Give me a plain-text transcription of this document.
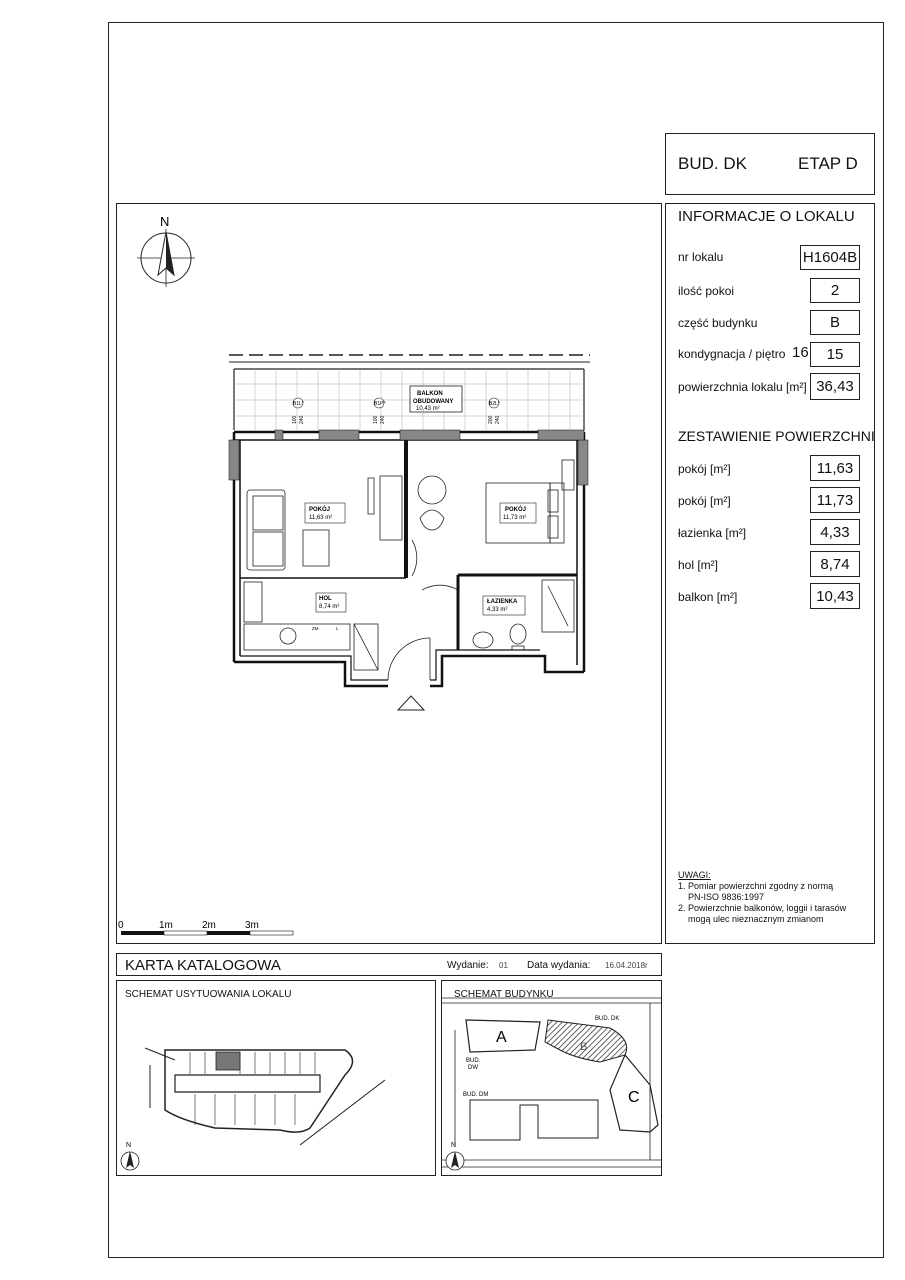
BUD. DK	ETAP D
INFORMACJE O LOKALU
nr lokalu	H1604B
ilość pokoi	2
część budynku	B
kondygnacja / piętro 16	15
powierzchnia lokalu [m²] 36,43
ZESTAWIENIE POWIERZCHNI
pokój [m²]	11,63
pokój [m²]	11,73
łazienka [m²]	4,33
hol [m²]	8,74
balkon [m²]	10,43
UWAGI:
1. Pomiar powierzchni zgodny z normą
PN-ISO 9836:1997
2. Powierzchnie balkonów, loggii i tarasów
mogą ulec nieznacznym zmianom
N
BALKON
OBUDOWANY
10,43 m²
B1L°
100 240
B1P°
100 240
B2L°
200 240
POKÓJ
11,63 m²
POKÓJ
11,73 m²
ZM	L
HOL
8,74 m²
ŁAZIENKA
4,33 m²
0	1m	2m	3m
KARTA KATALOGOWA	Wydanie: 01 Data wydania: 16.04.2018r
SCHEMAT USYTUOWANIA LOKALU
N
SCHEMAT BUDYNKU
A
B
C
BUD. DK
BUD.
DW
BUD. DM
N
